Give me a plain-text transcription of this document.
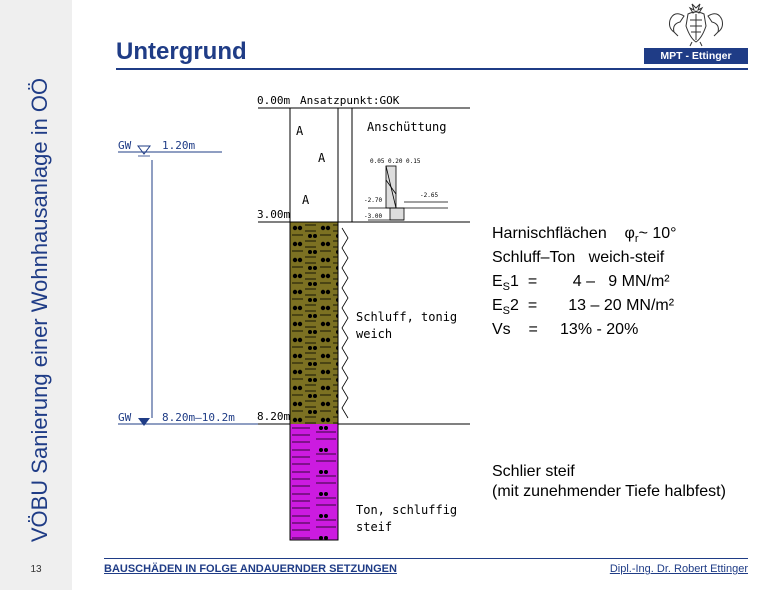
VÖBU Sanierung einer Wohnhausanlage in OÖ
13
Untergrund	MPT - Ettinger
0.00m Ansatzpunkt:GOK
3.00m
8.20m
A
A
A
Anschüttung
Schluff, tonig
weich
Ton, schluffig
steif
0.05 0.20 0.15
-2.70
-3.00
-2.65
GW	1.20m
GW	8.20m–10.2m
Harnischflächen $\varphi_r\sim$ 10°
Schluff–Ton   weich-steif
$E_S1$ =        4 –   9 MN/m²
$E_S2$ =       13 – 20 MN/m²
Vs =     13% - 20%
Schlier steif
(mit zunehmender Tiefe halbfest)
BAUSCHÄDEN IN FOLGE ANDAUERNDER SETZUNGEN	Dipl.-Ing. Dr. Robert Ettinger
